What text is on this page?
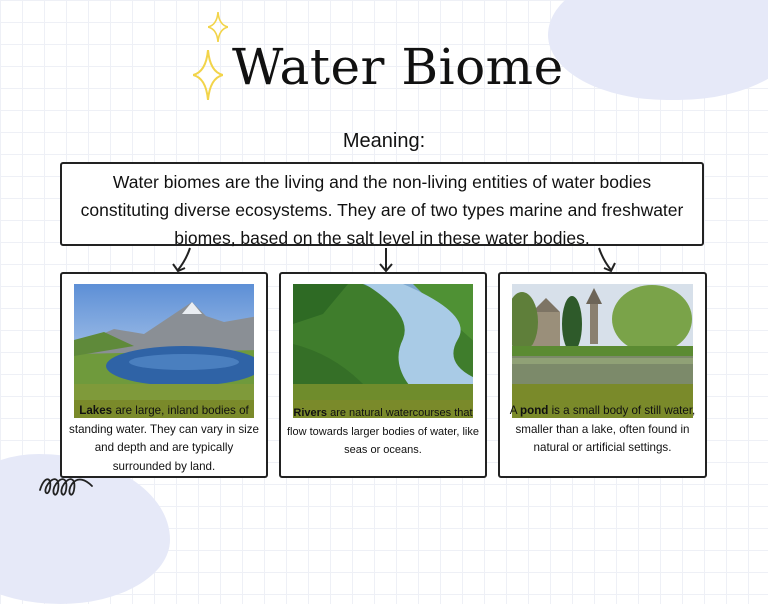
Water Biome
Meaning:
Water biomes are the living and the non-living entities of water bodies constituting diverse ecosystems. They are of two types marine and freshwater biomes, based on the salt level in these water bodies.
Lakes are large, inland bodies of standing water. They can vary in size and depth and are typically surrounded by land.
Rivers are natural watercourses that flow towards larger bodies of water, like seas or oceans.
A pond is a small body of still water, smaller than a lake, often found in natural or artificial settings.
